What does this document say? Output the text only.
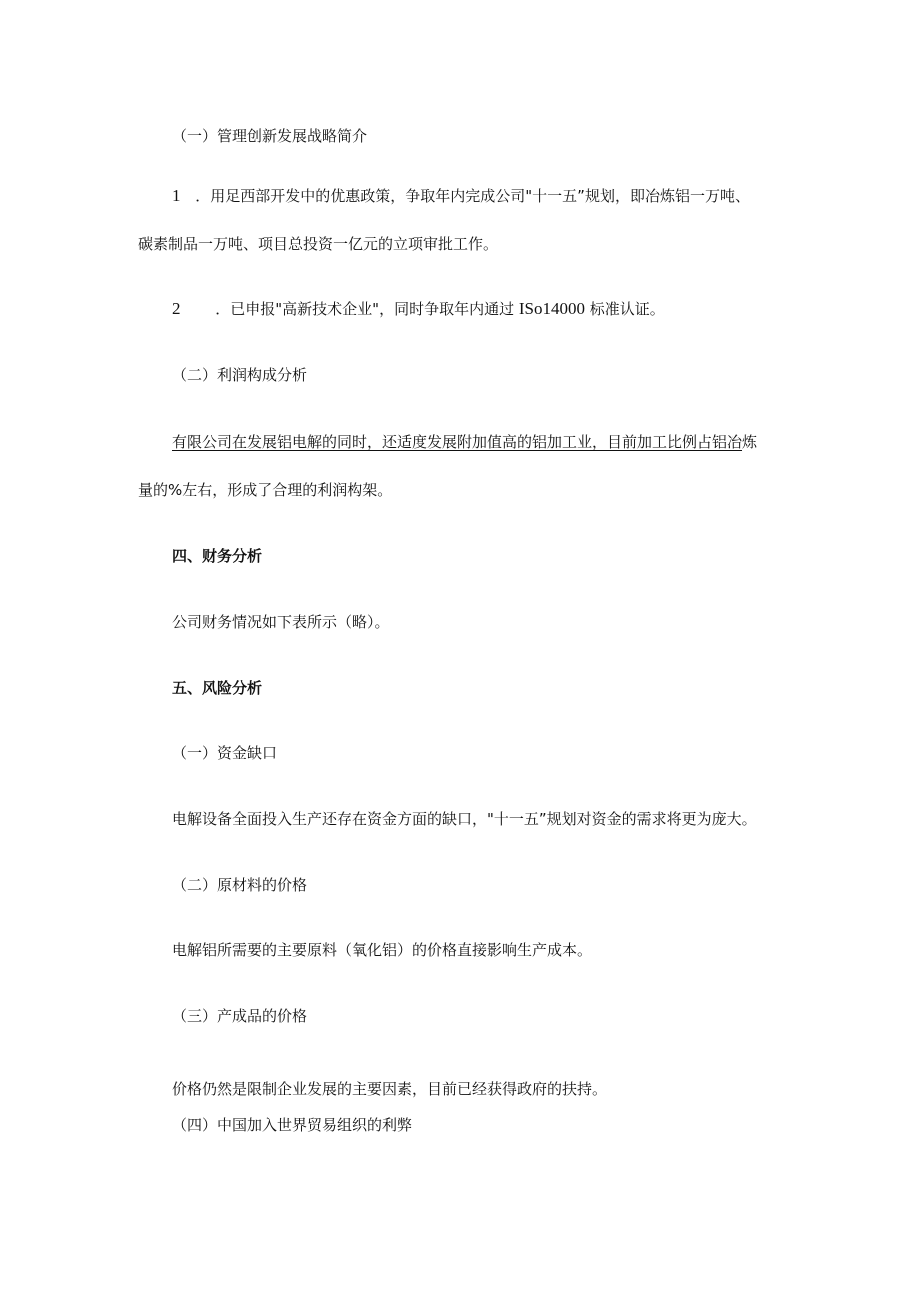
（一）管理创新发展战略简介
1 ．用足西部开发中的优惠政策，争取年内完成公司"十一五”规划，即冶炼铝一万吨、
碳素制品一万吨、项目总投资一亿元的立项审批工作。
2 ．已申报"高新技术企业"，同时争取年内通过 ISo14000 标准认证。
（二）利润构成分析
有限公司在发展铝电解的同时，还适度发展附加值高的铝加工业，目前加工比例占铝冶炼
量的%左右，形成了合理的利润构架。
四、财务分析
公司财务情况如下表所示（略）。
五、风险分析
（一）资金缺口
电解设备全面投入生产还存在资金方面的缺口，"十一五”规划对资金的需求将更为庞大。
（二）原材料的价格
电解铝所需要的主要原料（氧化铝）的价格直接影响生产成本。
（三）产成品的价格
价格仍然是限制企业发展的主要因素，目前已经获得政府的扶持。
（四）中国加入世界贸易组织的利弊
